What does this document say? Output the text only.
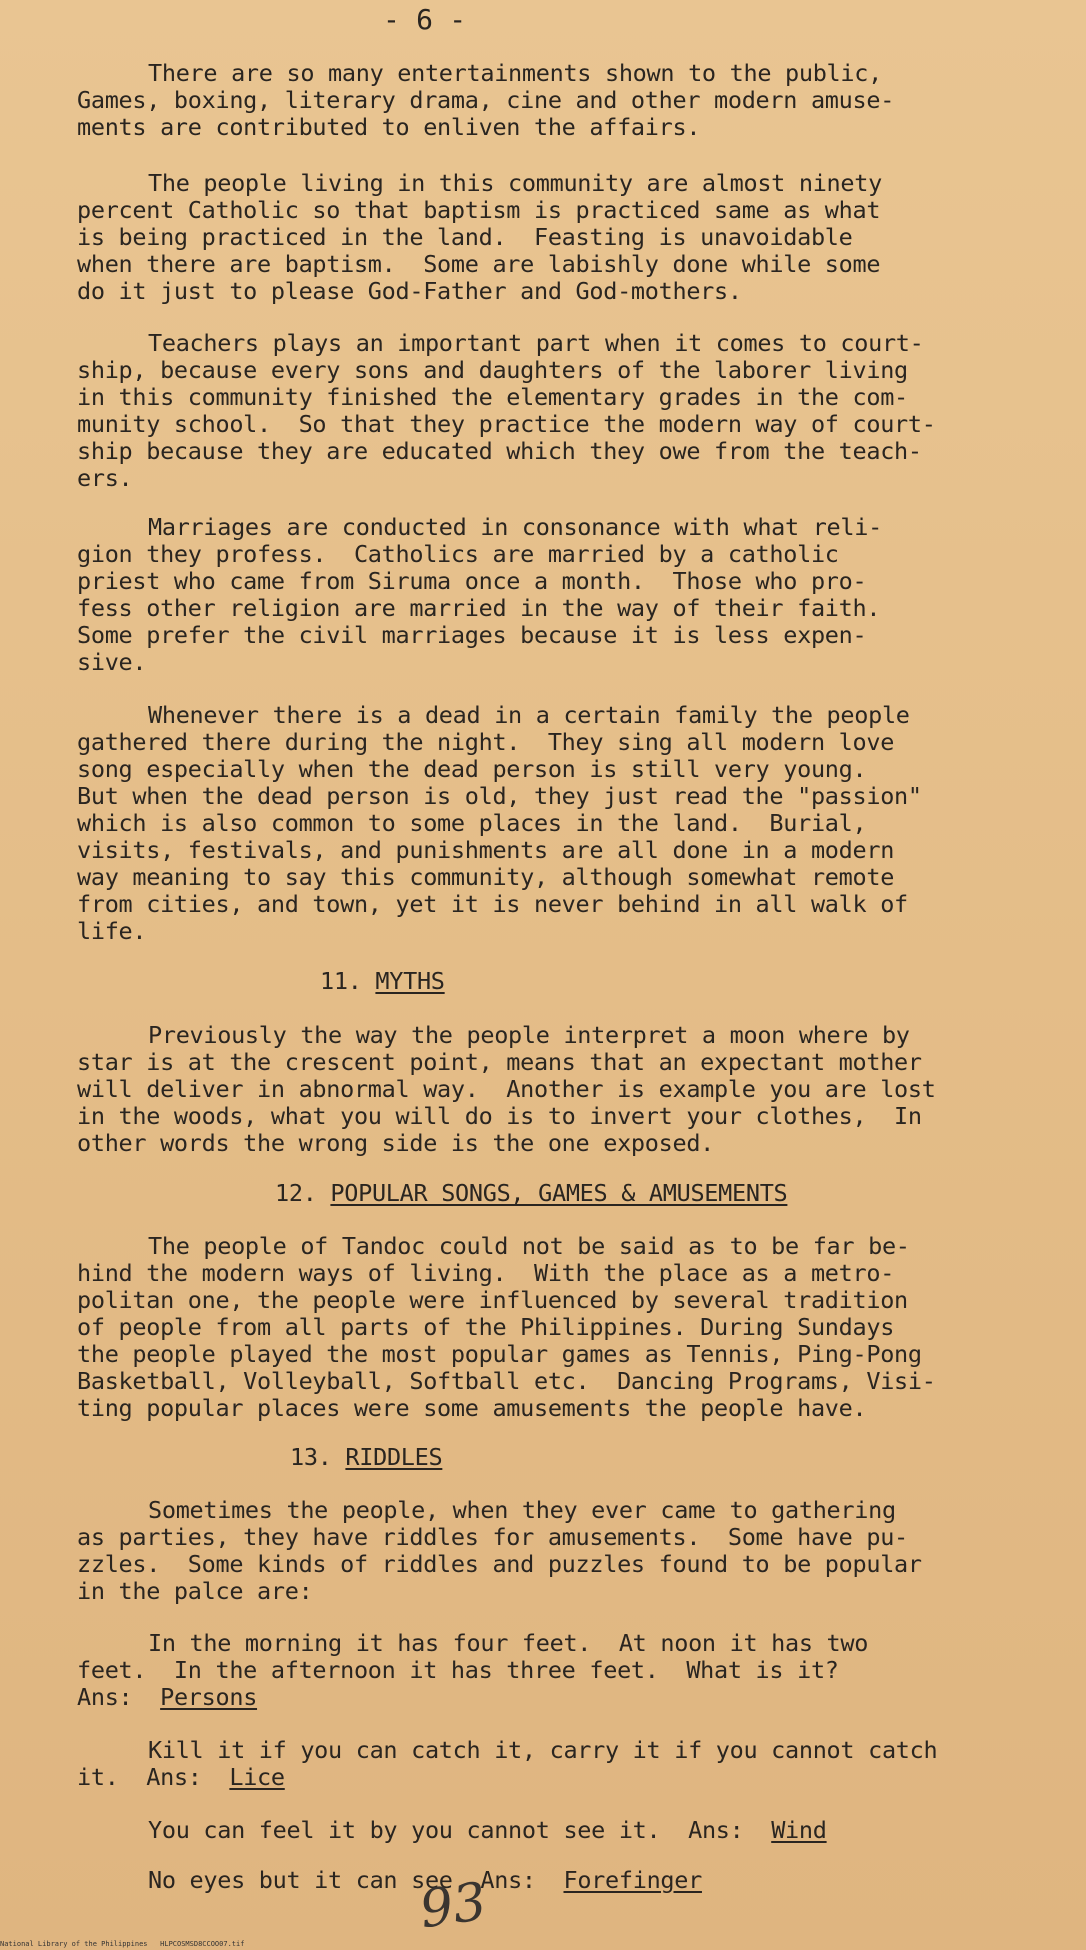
- 6 -
There are so many entertainments shown to the public,
Games, boxing, literary drama, cine and other modern amuse-
ments are contributed to enliven the affairs.
The people living in this community are almost ninety
percent Catholic so that baptism is practiced same as what
is being practiced in the land.  Feasting is unavoidable
when there are baptism.  Some are labishly done while some
do it just to please God-Father and God-mothers.
Teachers plays an important part when it comes to court-
ship, because every sons and daughters of the laborer living
in this community finished the elementary grades in the com-
munity school.  So that they practice the modern way of court-
ship because they are educated which they owe from the teach-
ers.
Marriages are conducted in consonance with what reli-
gion they profess.  Catholics are married by a catholic
priest who came from Siruma once a month.  Those who pro-
fess other religion are married in the way of their faith.
Some prefer the civil marriages because it is less expen-
sive.
Whenever there is a dead in a certain family the people
gathered there during the night.  They sing all modern love
song especially when the dead person is still very young.
But when the dead person is old, they just read the "passion"
which is also common to some places in the land.  Burial,
visits, festivals, and punishments are all done in a modern
way meaning to say this community, although somewhat remote
from cities, and town, yet it is never behind in all walk of
life.
11. MYTHS
Previously the way the people interpret a moon where by
star is at the crescent point, means that an expectant mother
will deliver in abnormal way.  Another is example you are lost
in the woods, what you will do is to invert your clothes,  In
other words the wrong side is the one exposed.
12. POPULAR SONGS, GAMES & AMUSEMENTS
The people of Tandoc could not be said as to be far be-
hind the modern ways of living.  With the place as a metro-
politan one, the people were influenced by several tradition
of people from all parts of the Philippines. During Sundays
the people played the most popular games as Tennis, Ping-Pong
Basketball, Volleyball, Softball etc.  Dancing Programs, Visi-
ting popular places were some amusements the people have.
13. RIDDLES
Sometimes the people, when they ever came to gathering
as parties, they have riddles for amusements.  Some have pu-
zzles.  Some kinds of riddles and puzzles found to be popular
in the palce are:
In the morning it has four feet.  At noon it has two
feet.  In the afternoon it has three feet.  What is it?
Ans: Persons
Kill it if you can catch it, carry it if you cannot catch
it. Ans: Lice
You can feel it by you cannot see it. Ans: Wind
No eyes but it can see Ans: Forefinger
93
National Library of the Philippines   HLPCOSMSD8CCOO07.tif
